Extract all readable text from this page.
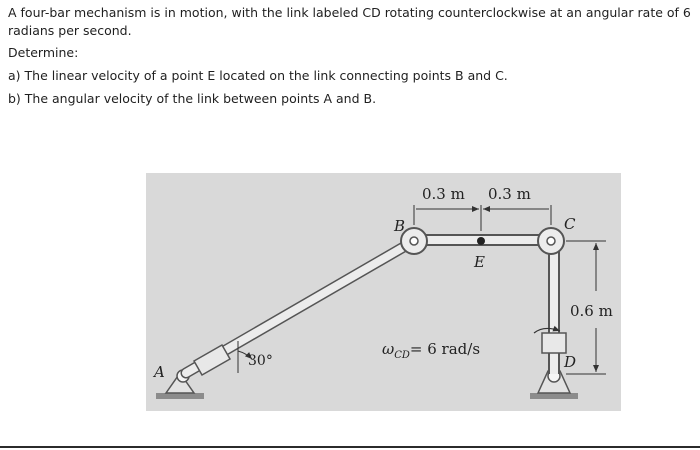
A four-bar mechanism is in motion, with the link labeled CD rotating counterclockwise at an angular rate of 6

radians per second.

Determine:

a) The linear velocity of a point E located on the link connecting points B and C.

b) The angular velocity of the link between points A and B.

A
B	C
D
E
0.3 m 0.3 m
0.6 m
30°
$\omega_{CD}= 6$ rad/s
